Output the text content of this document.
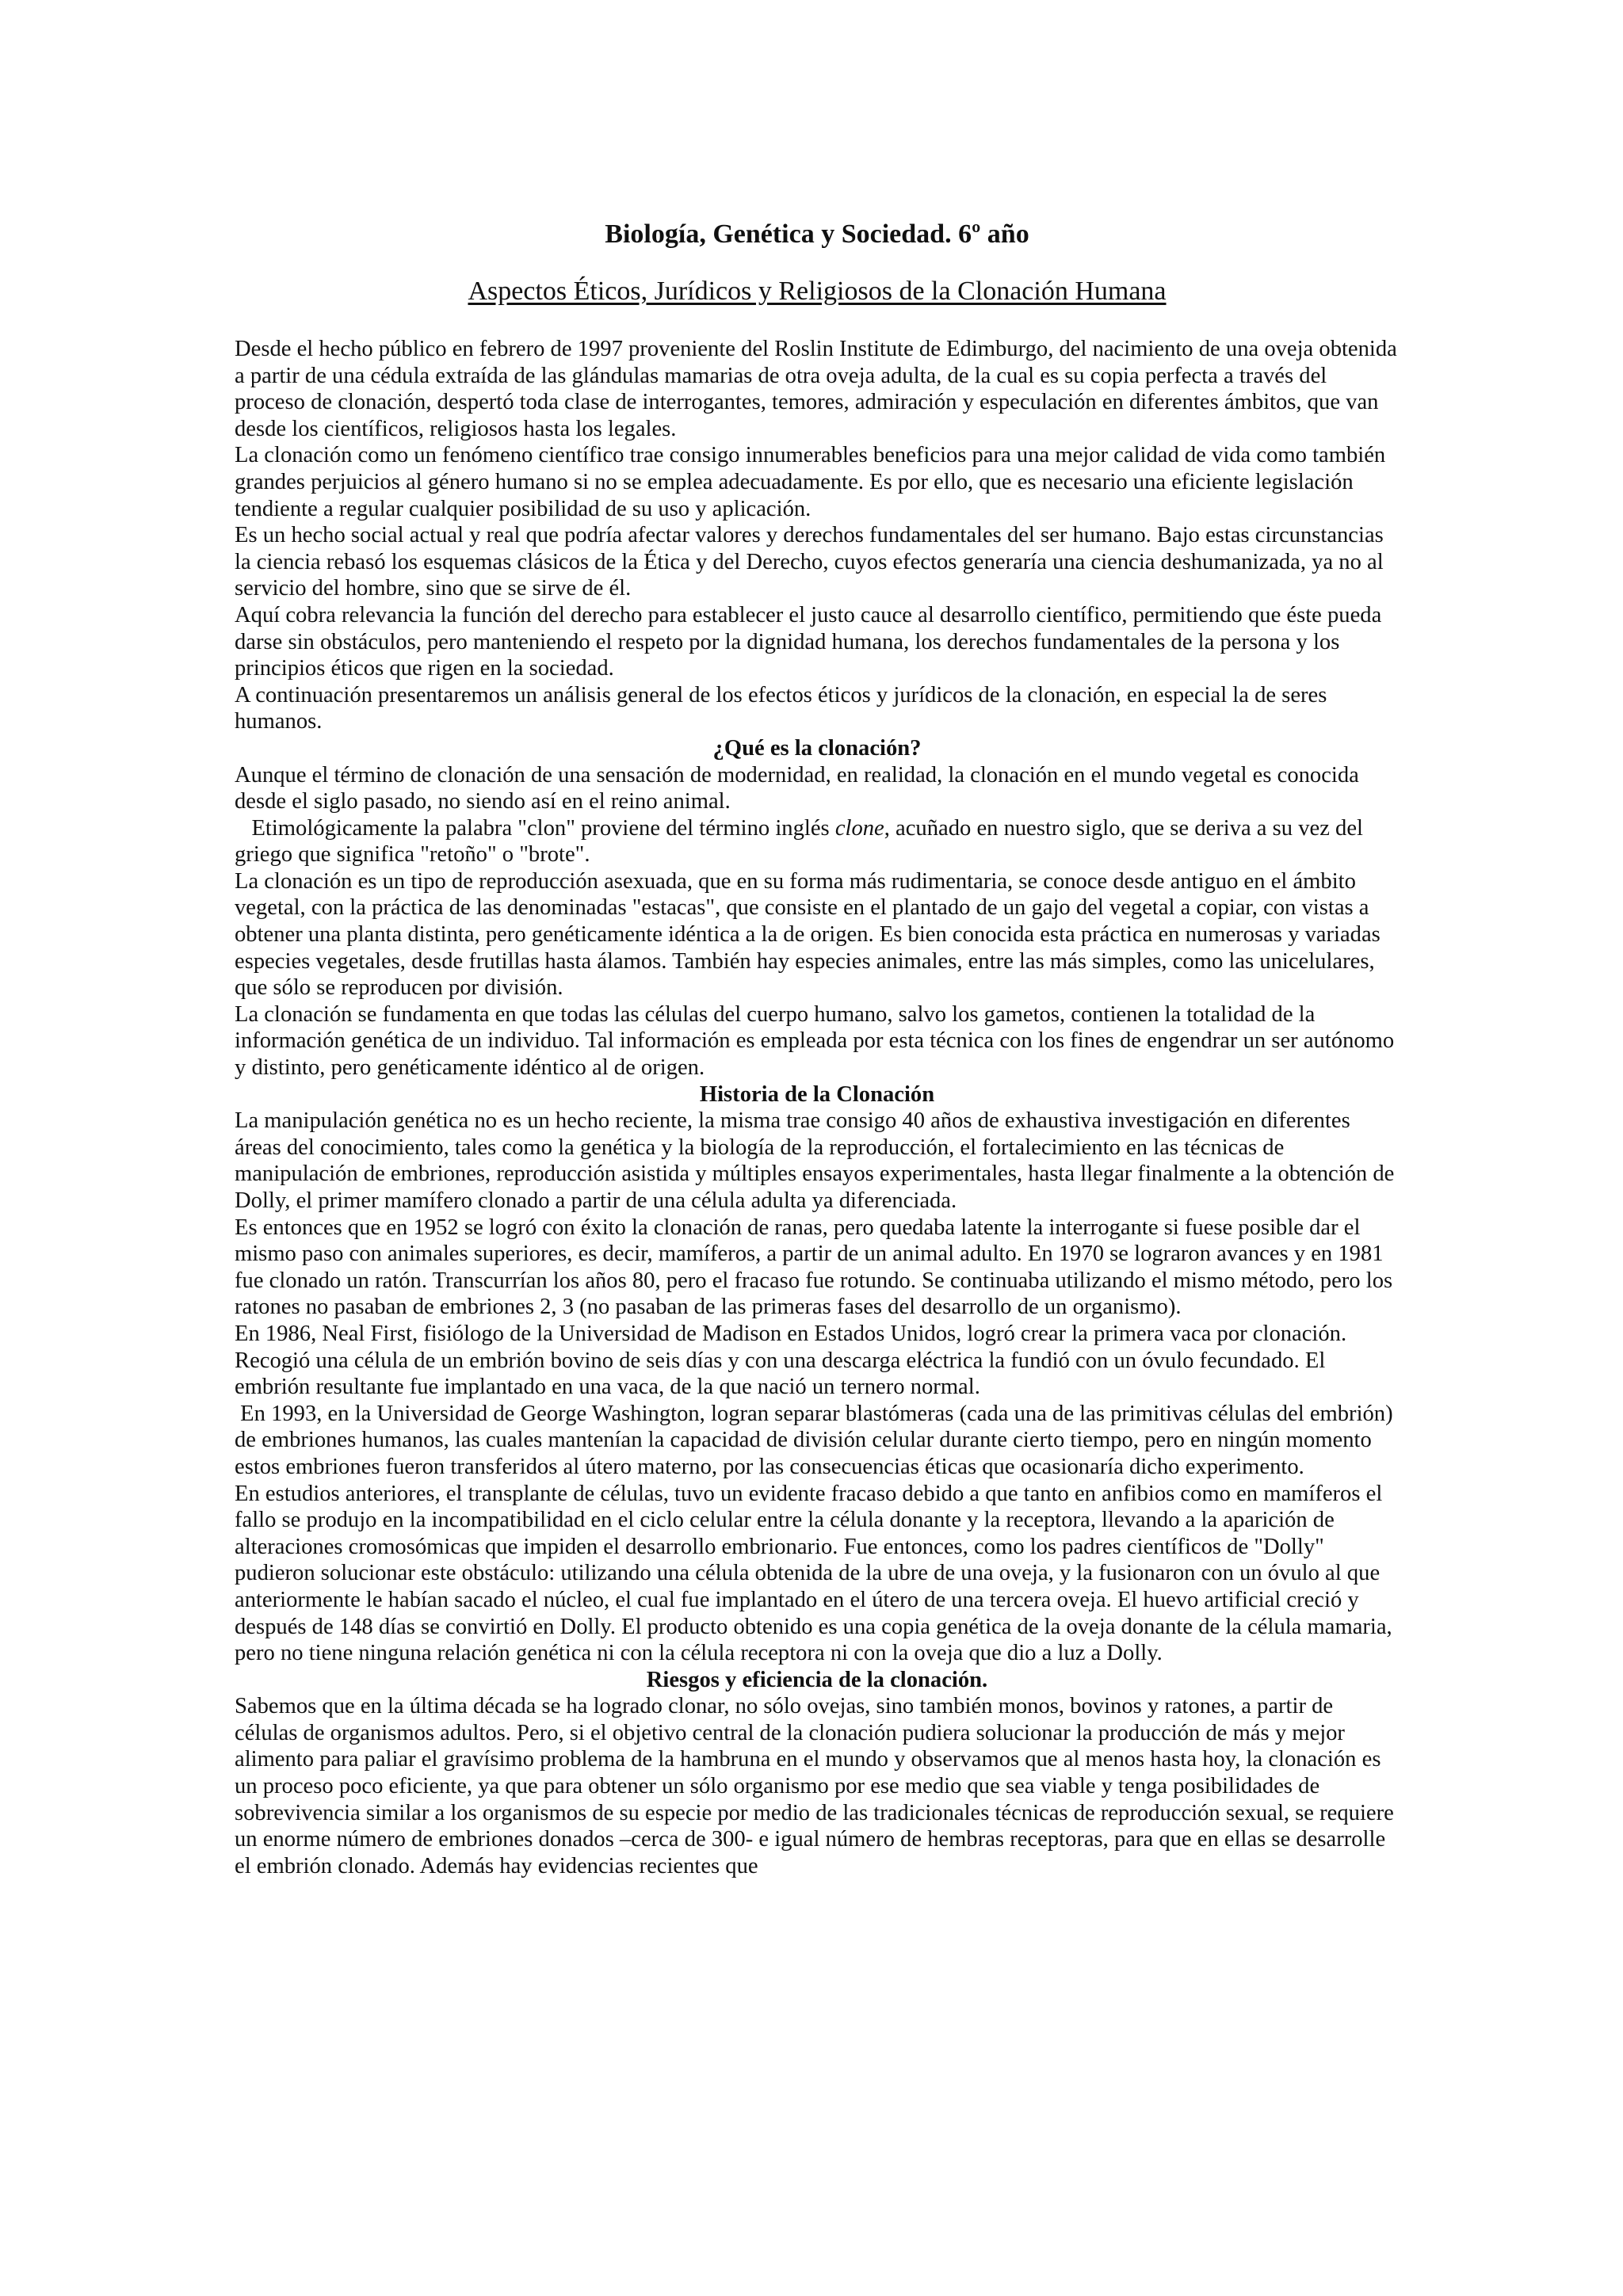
Biología, Genética y Sociedad. 6º año
Aspectos Éticos, Jurídicos y Religiosos de la Clonación Humana

Desde el hecho público en febrero de 1997 proveniente del Roslin Institute de Edimburgo, del nacimiento de una oveja obtenida a partir de una cédula extraída de las glándulas mamarias de otra oveja adulta, de la cual es su copia perfecta a través del proceso de clonación, despertó toda clase de interrogantes, temores, admiración y especulación en diferentes ámbitos, que van desde los científicos, religiosos hasta los legales.

La clonación como un fenómeno científico trae consigo innumerables beneficios para una mejor calidad de vida como también grandes perjuicios al género humano si no se emplea adecuadamente. Es por ello, que es necesario una eficiente legislación tendiente a regular cualquier posibilidad de su uso y aplicación.

Es un hecho social actual y real que podría afectar valores y derechos fundamentales del ser humano. Bajo estas circunstancias la ciencia rebasó los esquemas clásicos de la Ética y del Derecho, cuyos efectos generaría una ciencia deshumanizada, ya no al servicio del hombre, sino que se sirve de él.

Aquí cobra relevancia la función del derecho para establecer el justo cauce al desarrollo científico, permitiendo que éste pueda darse sin obstáculos, pero manteniendo el respeto por la dignidad humana, los derechos fundamentales de la persona y los principios éticos que rigen en la sociedad.

A continuación presentaremos un análisis general de los efectos éticos y jurídicos de la clonación, en especial la de seres humanos.

¿Qué es la clonación?

Aunque el término de clonación de una sensación de modernidad, en realidad, la clonación en el mundo vegetal es conocida desde el siglo pasado, no siendo así en el reino animal.

Etimológicamente la palabra "clon" proviene del término inglés clone, acuñado en nuestro siglo, que se deriva a su vez del griego que significa "retoño" o "brote".

La clonación es un tipo de reproducción asexuada, que en su forma más rudimentaria, se conoce desde antiguo en el ámbito vegetal, con la práctica de las denominadas "estacas", que consiste en el plantado de un gajo del vegetal a copiar, con vistas a obtener una planta distinta, pero genéticamente idéntica a la de origen. Es bien conocida esta práctica en numerosas y variadas especies vegetales, desde frutillas hasta álamos. También hay especies animales, entre las más simples, como las unicelulares, que sólo se reproducen por división.

La clonación se fundamenta en que todas las células del cuerpo humano, salvo los gametos, contienen la totalidad de la información genética de un individuo. Tal información es empleada por esta técnica con los fines de engendrar un ser autónomo y distinto, pero genéticamente idéntico al de origen.

Historia de la Clonación

La manipulación genética no es un hecho reciente, la misma trae consigo 40 años de exhaustiva investigación en diferentes áreas del conocimiento, tales como la genética y la biología de la reproducción, el fortalecimiento en las técnicas de manipulación de embriones, reproducción asistida y múltiples ensayos experimentales, hasta llegar finalmente a la obtención de Dolly, el primer mamífero clonado a partir de una célula adulta ya diferenciada.

Es entonces que en 1952 se logró con éxito la clonación de ranas, pero quedaba latente la interrogante si fuese posible dar el mismo paso con animales superiores, es decir, mamíferos, a partir de un animal adulto. En 1970 se lograron avances y en 1981 fue clonado un ratón. Transcurrían los años 80, pero el fracaso fue rotundo. Se continuaba utilizando el mismo método, pero los ratones no pasaban de embriones 2, 3 (no pasaban de las primeras fases del desarrollo de un organismo).

En 1986, Neal First, fisiólogo de la Universidad de Madison en Estados Unidos, logró crear la primera vaca por clonación. Recogió una célula de un embrión bovino de seis días y con una descarga eléctrica la fundió con un óvulo fecundado. El embrión resultante fue implantado en una vaca, de la que nació un ternero normal.

En 1993, en la Universidad de George Washington, logran separar blastómeras (cada una de las primitivas células del embrión) de embriones humanos, las cuales mantenían la capacidad de división celular durante cierto tiempo, pero en ningún momento estos embriones fueron transferidos al útero materno, por las consecuencias éticas que ocasionaría dicho experimento.

En estudios anteriores, el transplante de células, tuvo un evidente fracaso debido a que tanto en anfibios como en mamíferos el fallo se produjo en la incompatibilidad en el ciclo celular entre la célula donante y la receptora, llevando a la aparición de alteraciones cromosómicas que impiden el desarrollo embrionario. Fue entonces, como los padres científicos de "Dolly" pudieron solucionar este obstáculo: utilizando una célula obtenida de la ubre de una oveja, y la fusionaron con un óvulo al que anteriormente le habían sacado el núcleo, el cual fue implantado en el útero de una tercera oveja. El huevo artificial creció y después de 148 días se convirtió en Dolly. El producto obtenido es una copia genética de la oveja donante de la célula mamaria, pero no tiene ninguna relación genética ni con la célula receptora ni con la oveja que dio a luz a Dolly.

Riesgos y eficiencia de la clonación.

Sabemos que en la última década se ha logrado clonar, no sólo ovejas, sino también monos, bovinos y ratones, a partir de células de organismos adultos. Pero, si el objetivo central de la clonación pudiera solucionar la producción de más y mejor alimento para paliar el gravísimo problema de la hambruna en el mundo y observamos que al menos hasta hoy, la clonación es un proceso poco eficiente, ya que para obtener un sólo organismo por ese medio que sea viable y tenga posibilidades de sobrevivencia similar a los organismos de su especie por medio de las tradicionales técnicas de reproducción sexual, se requiere un enorme número de embriones donados –cerca de 300- e igual número de hembras receptoras, para que en ellas se desarrolle el embrión clonado. Además hay evidencias recientes que
